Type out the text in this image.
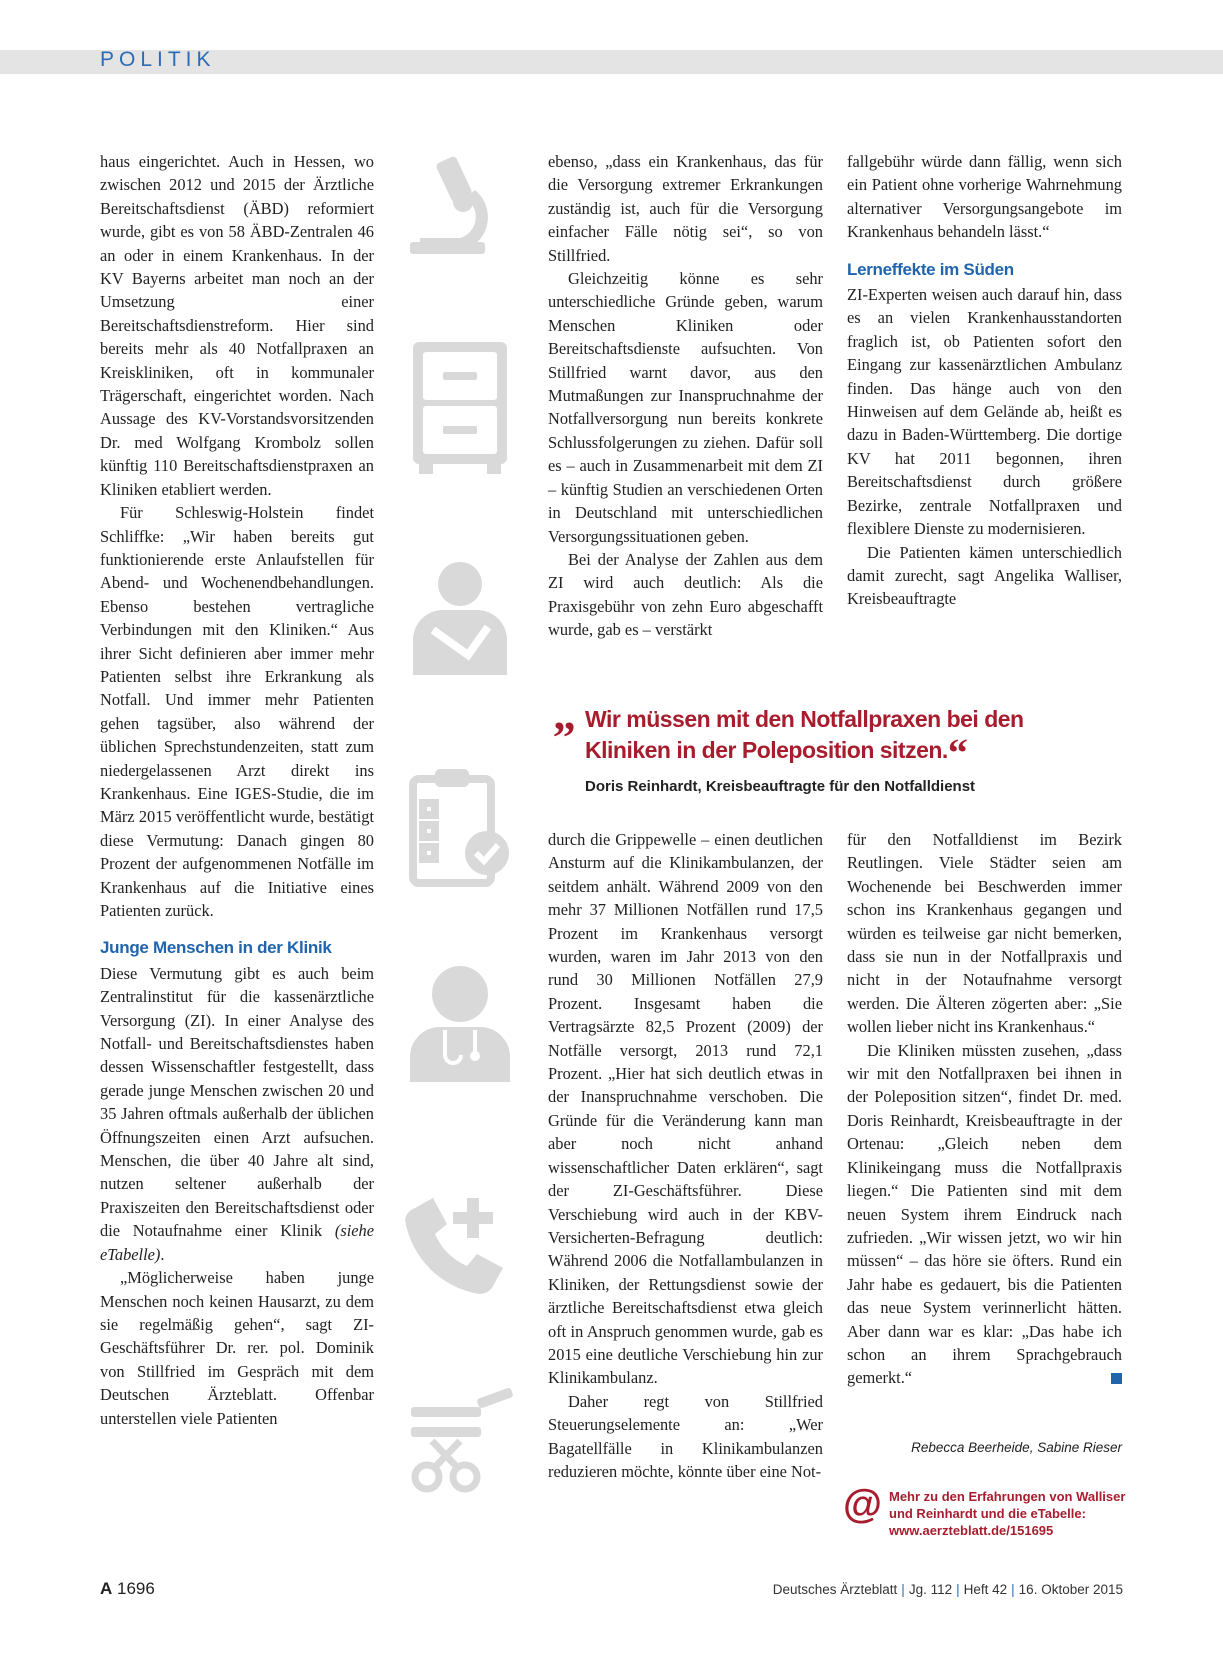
POLITIK

haus eingerichtet. Auch in Hessen, wo zwischen 2012 und 2015 der Ärztliche Bereitschaftsdienst (ÄBD) reformiert wurde, gibt es von 58 ÄBD-Zentralen 46 an oder in einem Krankenhaus. In der KV Bayerns arbeitet man noch an der Umsetzung einer Bereitschaftsdienstreform. Hier sind bereits mehr als 40 Notfallpraxen an Kreiskliniken, oft in kommunaler Trägerschaft, eingerichtet worden. Nach Aussage des KV-Vorstandsvorsitzenden Dr. med Wolfgang Krombolz sollen künftig 110 Bereitschaftsdienstpraxen an Kliniken etabliert werden.

Für Schleswig-Holstein findet Schliffke: „Wir haben bereits gut funktionierende erste Anlaufstellen für Abend- und Wochenendbehandlungen. Ebenso bestehen vertragliche Verbindungen mit den Kliniken.“ Aus ihrer Sicht definieren aber immer mehr Patienten selbst ihre Erkrankung als Notfall. Und immer mehr Patienten gehen tagsüber, also während der üblichen Sprechstundenzeiten, statt zum niedergelassenen Arzt direkt ins Krankenhaus. Eine IGES-Studie, die im März 2015 veröffentlicht wurde, bestätigt diese Vermutung: Danach gingen 80 Prozent der aufgenommenen Notfälle im Krankenhaus auf die Initiative eines Patienten zurück.

Junge Menschen in der Klinik

Diese Vermutung gibt es auch beim Zentralinstitut für die kassenärztliche Versorgung (ZI). In einer Analyse des Notfall- und Bereitschaftsdienstes haben dessen Wissenschaftler festgestellt, dass gerade junge Menschen zwischen 20 und 35 Jahren oftmals außerhalb der üblichen Öffnungszeiten einen Arzt aufsuchen. Menschen, die über 40 Jahre alt sind, nutzen seltener außerhalb der Praxiszeiten den Bereitschaftsdienst oder die Notaufnahme einer Klinik (siehe eTabelle).

„Möglicherweise haben junge Menschen noch keinen Hausarzt, zu dem sie regelmäßig gehen“, sagt ZI-Geschäftsführer Dr. rer. pol. Dominik von Stillfried im Gespräch mit dem Deutschen Ärzteblatt. Offenbar unterstellen viele Patienten

ebenso, „dass ein Krankenhaus, das für die Versorgung extremer Erkrankungen zuständig ist, auch für die Versorgung einfacher Fälle nötig sei“, so von Stillfried.

Gleichzeitig könne es sehr unterschiedliche Gründe geben, warum Menschen Kliniken oder Bereitschaftsdienste aufsuchten. Von Stillfried warnt davor, aus den Mutmaßungen zur Inanspruchnahme der Notfallversorgung nun bereits konkrete Schlussfolgerungen zu ziehen. Dafür soll es – auch in Zusammenarbeit mit dem ZI – künftig Studien an verschiedenen Orten in Deutschland mit unterschiedlichen Versorgungssituationen geben.

Bei der Analyse der Zahlen aus dem ZI wird auch deutlich: Als die Praxisgebühr von zehn Euro abgeschafft wurde, gab es – verstärkt

fallgebühr würde dann fällig, wenn sich ein Patient ohne vorherige Wahrnehmung alternativer Versorgungsangebote im Krankenhaus behandeln lässt.“

Lerneffekte im Süden

ZI-Experten weisen auch darauf hin, dass es an vielen Krankenhausstandorten fraglich ist, ob Patienten sofort den Eingang zur kassenärztlichen Ambulanz finden. Das hänge auch von den Hinweisen auf dem Gelände ab, heißt es dazu in Baden-Württemberg. Die dortige KV hat 2011 begonnen, ihren Bereitschaftsdienst durch größere Bezirke, zentrale Notfallpraxen und flexiblere Dienste zu modernisieren.

Die Patienten kämen unterschiedlich damit zurecht, sagt Angelika Walliser, Kreisbeauftragte

„ Wir müssen mit den Notfallpraxen bei den Kliniken in der Poleposition sitzen.“

Doris Reinhardt, Kreisbeauftragte für den Notfalldienst

durch die Grippewelle – einen deutlichen Ansturm auf die Klinikambulanzen, der seitdem anhält. Während 2009 von den mehr 37 Millionen Notfällen rund 17,5 Prozent im Krankenhaus versorgt wurden, waren im Jahr 2013 von den rund 30 Millionen Notfällen 27,9 Prozent. Insgesamt haben die Vertragsärzte 82,5 Prozent (2009) der Notfälle versorgt, 2013 rund 72,1 Prozent. „Hier hat sich deutlich etwas in der Inanspruchnahme verschoben. Die Gründe für die Veränderung kann man aber noch nicht anhand wissenschaftlicher Daten erklären“, sagt der ZI-Geschäftsführer. Diese Verschiebung wird auch in der KBV-Versicherten-Befragung deutlich: Während 2006 die Notfallambulanzen in Kliniken, der Rettungsdienst sowie der ärztliche Bereitschaftsdienst etwa gleich oft in Anspruch genommen wurde, gab es 2015 eine deutliche Verschiebung hin zur Klinikambulanz.

Daher regt von Stillfried Steuerungselemente an: „Wer Bagatellfälle in Klinikambulanzen reduzieren möchte, könnte über eine Not-

für den Notfalldienst im Bezirk Reutlingen. Viele Städter seien am Wochenende bei Beschwerden immer schon ins Krankenhaus gegangen und würden es teilweise gar nicht bemerken, dass sie nun in der Notfallpraxis und nicht in der Notaufnahme versorgt werden. Die Älteren zögerten aber: „Sie wollen lieber nicht ins Krankenhaus.“

Die Kliniken müssten zusehen, „dass wir mit den Notfallpraxen bei ihnen in der Poleposition sitzen“, findet Dr. med. Doris Reinhardt, Kreisbeauftragte in der Ortenau: „Gleich neben dem Klinikeingang muss die Notfallpraxis liegen.“ Die Patienten sind mit dem neuen System ihrem Eindruck nach zufrieden. „Wir wissen jetzt, wo wir hin müssen“ – das höre sie öfters. Rund ein Jahr habe es gedauert, bis die Patienten das neue System verinnerlicht hätten. Aber dann war es klar: „Das habe ich schon an ihrem Sprachgebrauch gemerkt.“

Rebecca Beerheide, Sabine Rieser
@ Mehr zu den Erfahrungen von Walliser und Reinhardt und die eTabelle:
www.aerzteblatt.de/151695
A 1696	Deutsches Ärzteblatt | Jg. 112 | Heft 42 | 16. Oktober 2015
